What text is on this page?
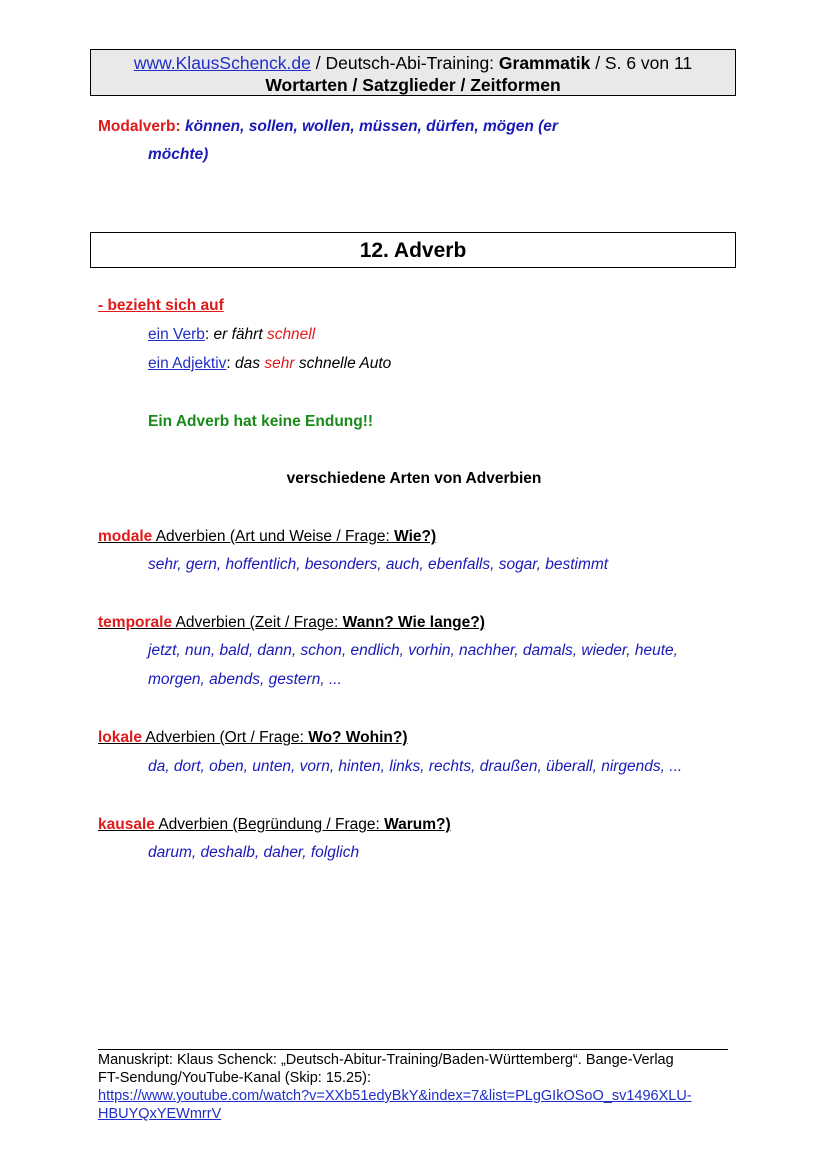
www.KlausSchenck.de / Deutsch-Abi-Training: Grammatik / S. 6 von 11
Wortarten / Satzglieder / Zeitformen
Modalverb: können, sollen, wollen, müssen, dürfen, mögen (er
möchte)
12. Adverb
- bezieht sich auf
ein Verb: er fährt schnell
ein Adjektiv: das sehr schnelle Auto
Ein Adverb hat keine Endung!!
verschiedene Arten von Adverbien
modale Adverbien (Art und Weise / Frage: Wie?)
sehr, gern, hoffentlich, besonders, auch, ebenfalls, sogar, bestimmt
temporale Adverbien (Zeit / Frage: Wann? Wie lange?)
jetzt, nun, bald, dann, schon, endlich, vorhin, nachher, damals, wieder, heute,
morgen, abends, gestern, ...
lokale Adverbien (Ort / Frage: Wo? Wohin?)
da, dort, oben, unten, vorn, hinten, links, rechts, draußen, überall, nirgends, ...
kausale Adverbien (Begründung / Frage: Warum?)
darum, deshalb, daher, folglich
Manuskript: Klaus Schenck: „Deutsch-Abitur-Training/Baden-Württemberg“. Bange-Verlag
FT-Sendung/YouTube-Kanal (Skip: 15.25):
https://www.youtube.com/watch?v=XXb51edyBkY&index=7&list=PLgGIkOSoO_sv1496XLU-
HBUYQxYEWmrrV
